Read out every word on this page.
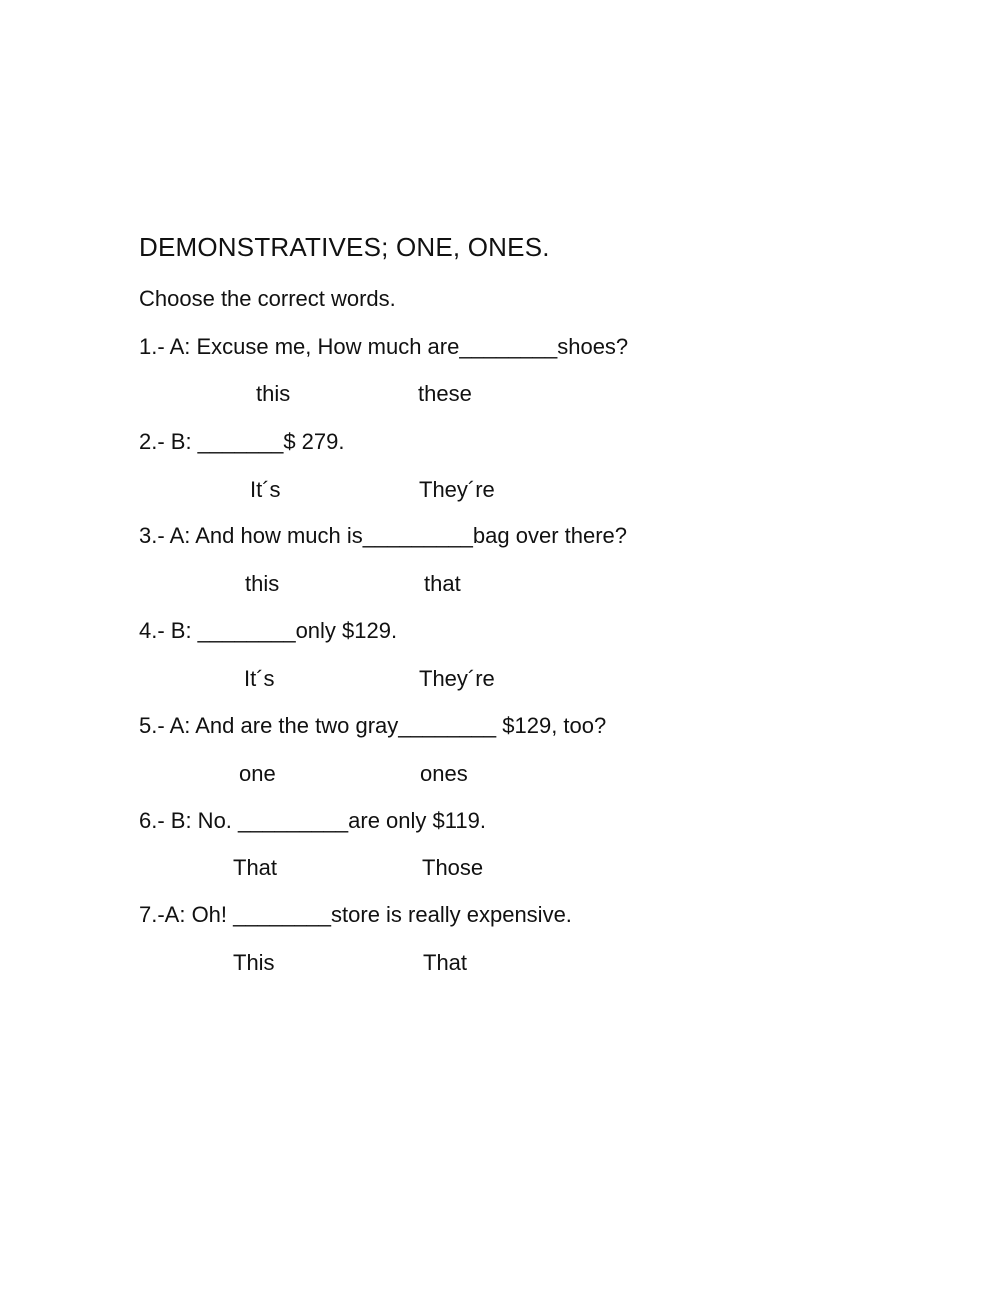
DEMONSTRATIVES; ONE, ONES.
Choose the correct words.
1.- A: Excuse me, How much are________shoes?
this	these
2.- B: _______$ 279.
It´s	They´re
3.- A: And how much is_________bag over there?
this	that
4.- B: ________only $129.
It´s	They´re
5.- A: And are the two gray________ $129, too?
one	ones
6.- B: No. _________are only $119.
That	Those
7.-A: Oh! ________store is really expensive.
This	That
